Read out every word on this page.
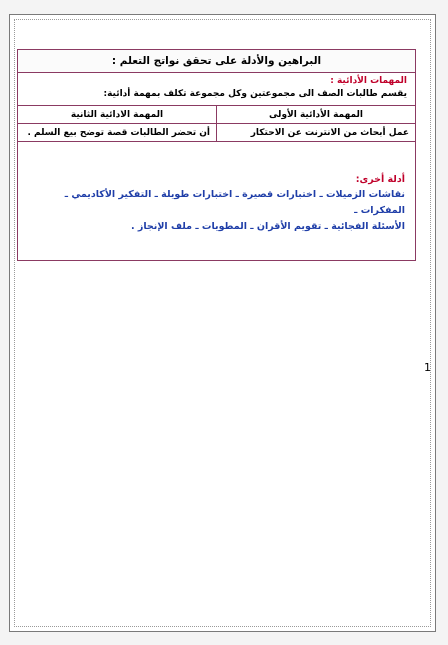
البراهين والأدلة على تحقق نواتج التعلم :
المهمات الأدائية :
يقسم طالبات الصف الى مجموعتين وكل مجموعة تكلف بمهمة أدائية:
المهمة الأدائية الأولى	المهمة الادائية الثانية
عمل أبحاث من الانترنت عن الاحتكار	أن تحضر الطالبات قصة توضح بيع السلم .
أدلة أخرى:
نقاشات الزميلات ـ اختبارات قصيرة ـ اختبارات طويلة ـ التفكير الأكاديمي ـ المفكرات ـ
الأسئلة الفجائية ـ تقويم الأقران ـ المطويات ـ ملف الإنجاز .
1
